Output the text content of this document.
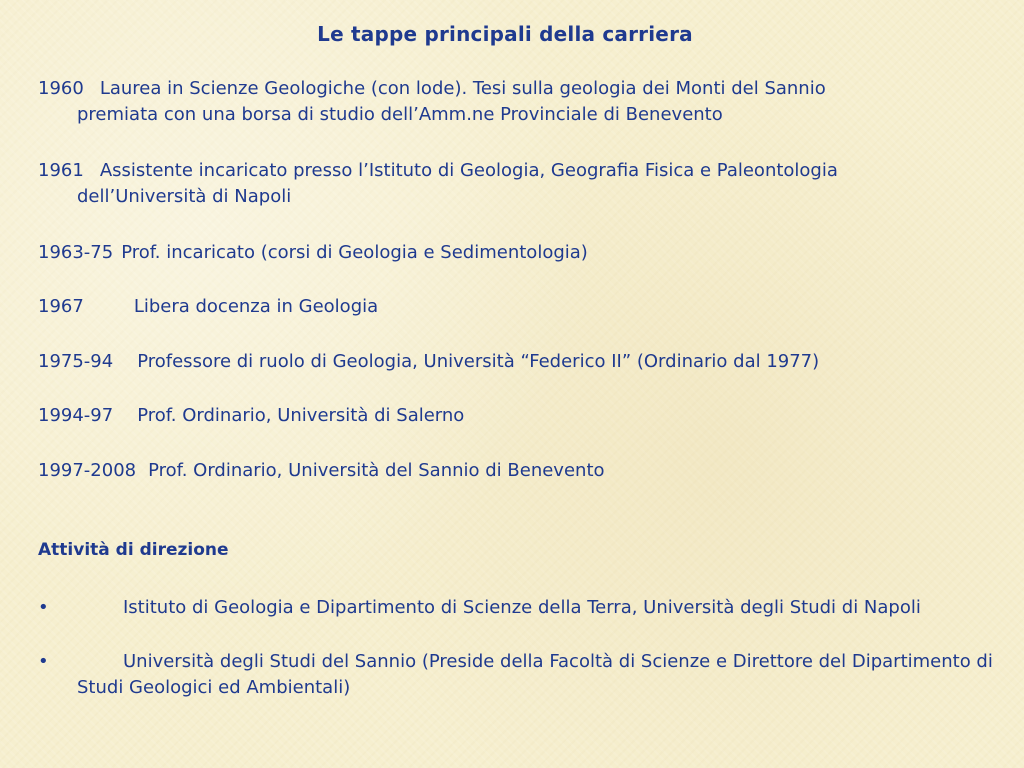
Le tappe principali della carriera
1960 Laurea in Scienze Geologiche (con lode). Tesi sulla geologia dei Monti del Sannio
premiata con una borsa di studio dell’Amm.ne Provinciale di Benevento
1961 Assistente incaricato presso l’Istituto di Geologia, Geografia Fisica e Paleontologia
dell’Università di Napoli
1963-75 Prof. incaricato (corsi di Geologia e Sedimentologia)
1967	Libera docenza in Geologia
1975-94 Professore di ruolo di Geologia, Università “Federico II” (Ordinario dal 1977)
1994-97 Prof. Ordinario, Università di Salerno
1997-2008 Prof. Ordinario, Università del Sannio di Benevento
Attività di direzione
•	Istituto di Geologia e Dipartimento di Scienze della Terra, Università degli Studi di Napoli
•	Università degli Studi del Sannio (Preside della Facoltà di Scienze e Direttore del Dipartimento di Studi Geologici ed Ambientali)
